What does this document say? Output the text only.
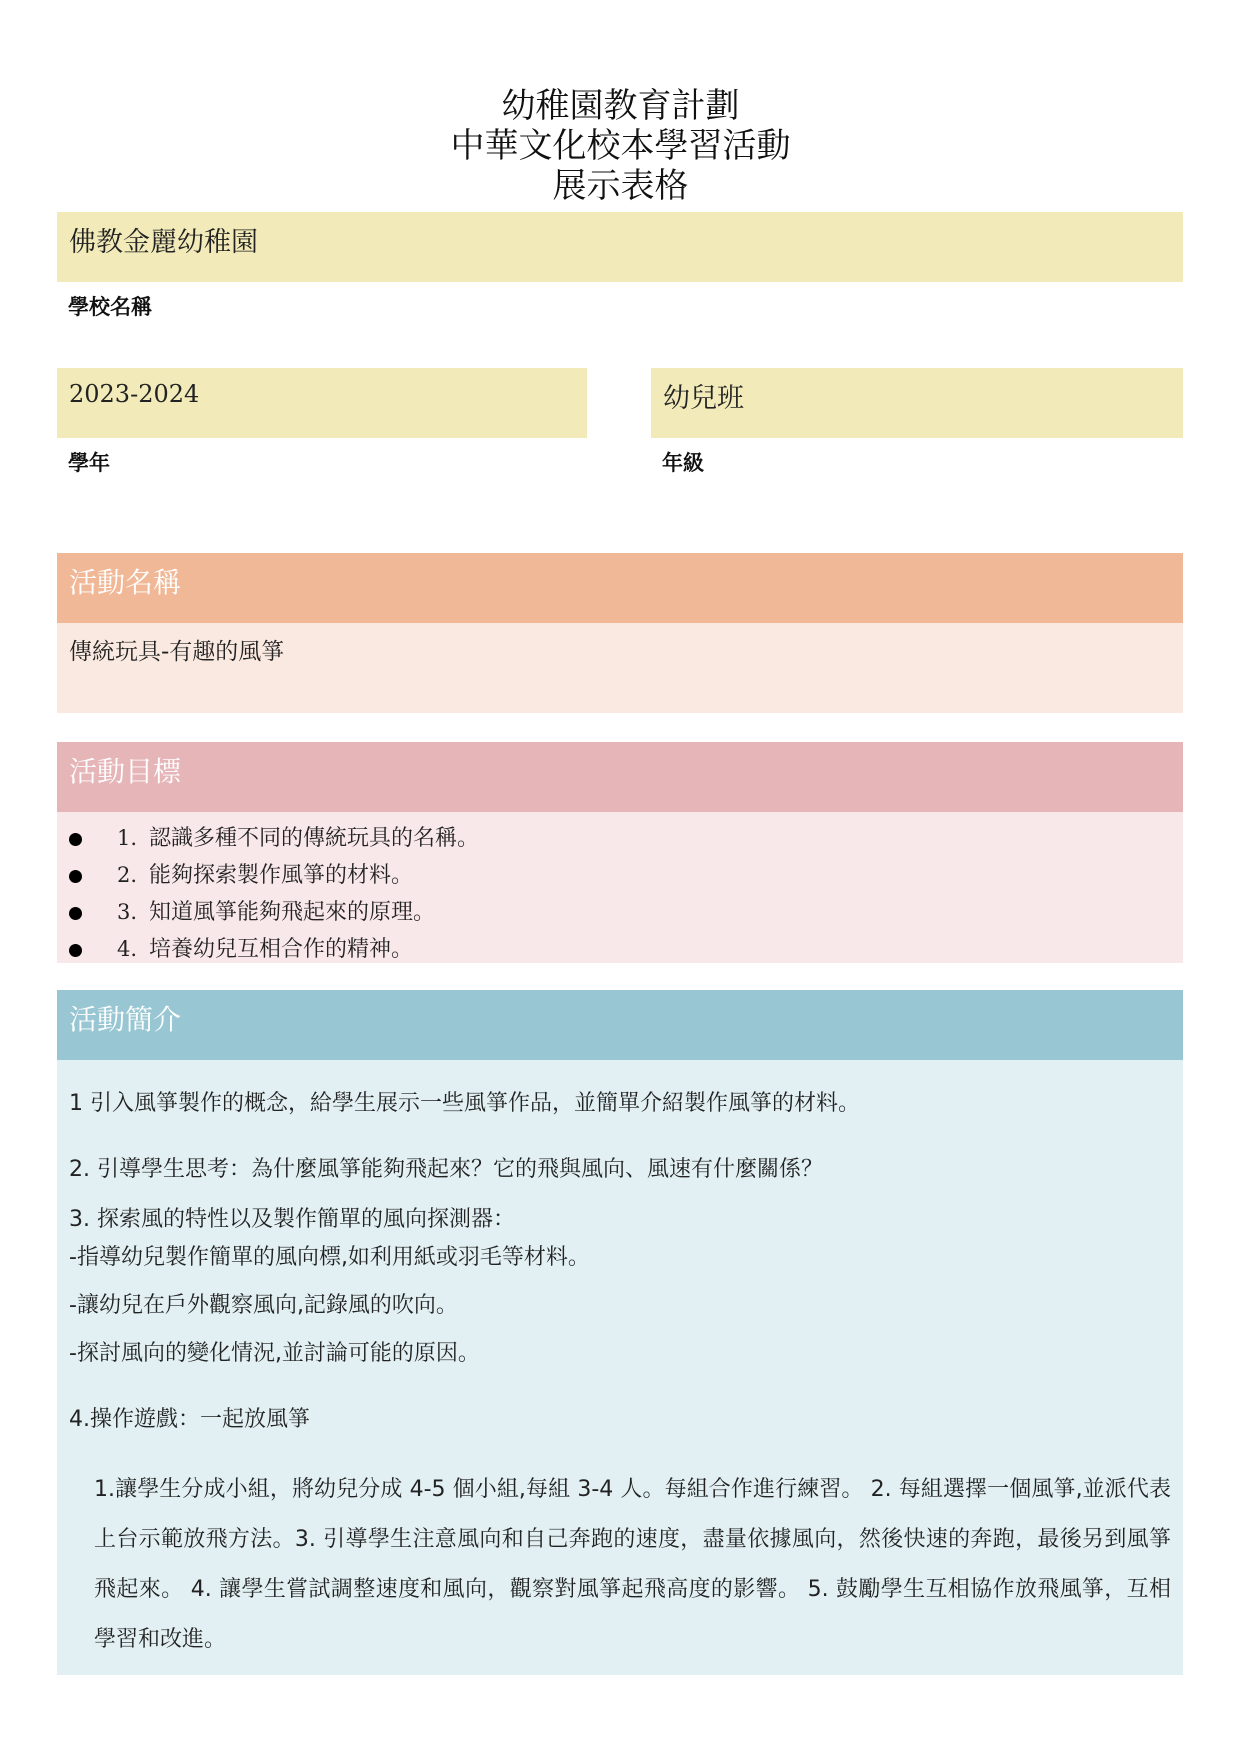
幼稚園教育計劃
中華文化校本學習活動
展示表格
佛教金麗幼稚園
學校名稱
2023-2024
學年
幼兒班
年級
活動名稱
傳統玩具-有趣的風箏
活動目標
1. 認識多種不同的傳統玩具的名稱。
2. 能夠探索製作風箏的材料。
3. 知道風箏能夠飛起來的原理。
4. 培養幼兒互相合作的精神。
活動簡介
1 引入風箏製作的概念，給學生展示一些風箏作品，並簡單介紹製作風箏的材料。
2. 引導學生思考：為什麼風箏能夠飛起來？它的飛與風向、風速有什麼關係？
3. 探索風的特性以及製作簡單的風向探測器：
-指導幼兒製作簡單的風向標,如利用紙或羽毛等材料。
-讓幼兒在戶外觀察風向,記錄風的吹向。
-探討風向的變化情況,並討論可能的原因。
4.操作遊戲：一起放風箏
1.讓學生分成小組，將幼兒分成 4-5 個小組,每組 3-4 人。每組合作進行練習。 2. 每組選擇一個風箏,並派代表上台示範放飛方法。3. 引導學生注意風向和自己奔跑的速度，盡量依據風向，然後快速的奔跑，最後另到風箏飛起來。 4. 讓學生嘗試調整速度和風向，觀察對風箏起飛高度的影響。 5. 鼓勵學生互相協作放飛風箏，互相學習和改進。
